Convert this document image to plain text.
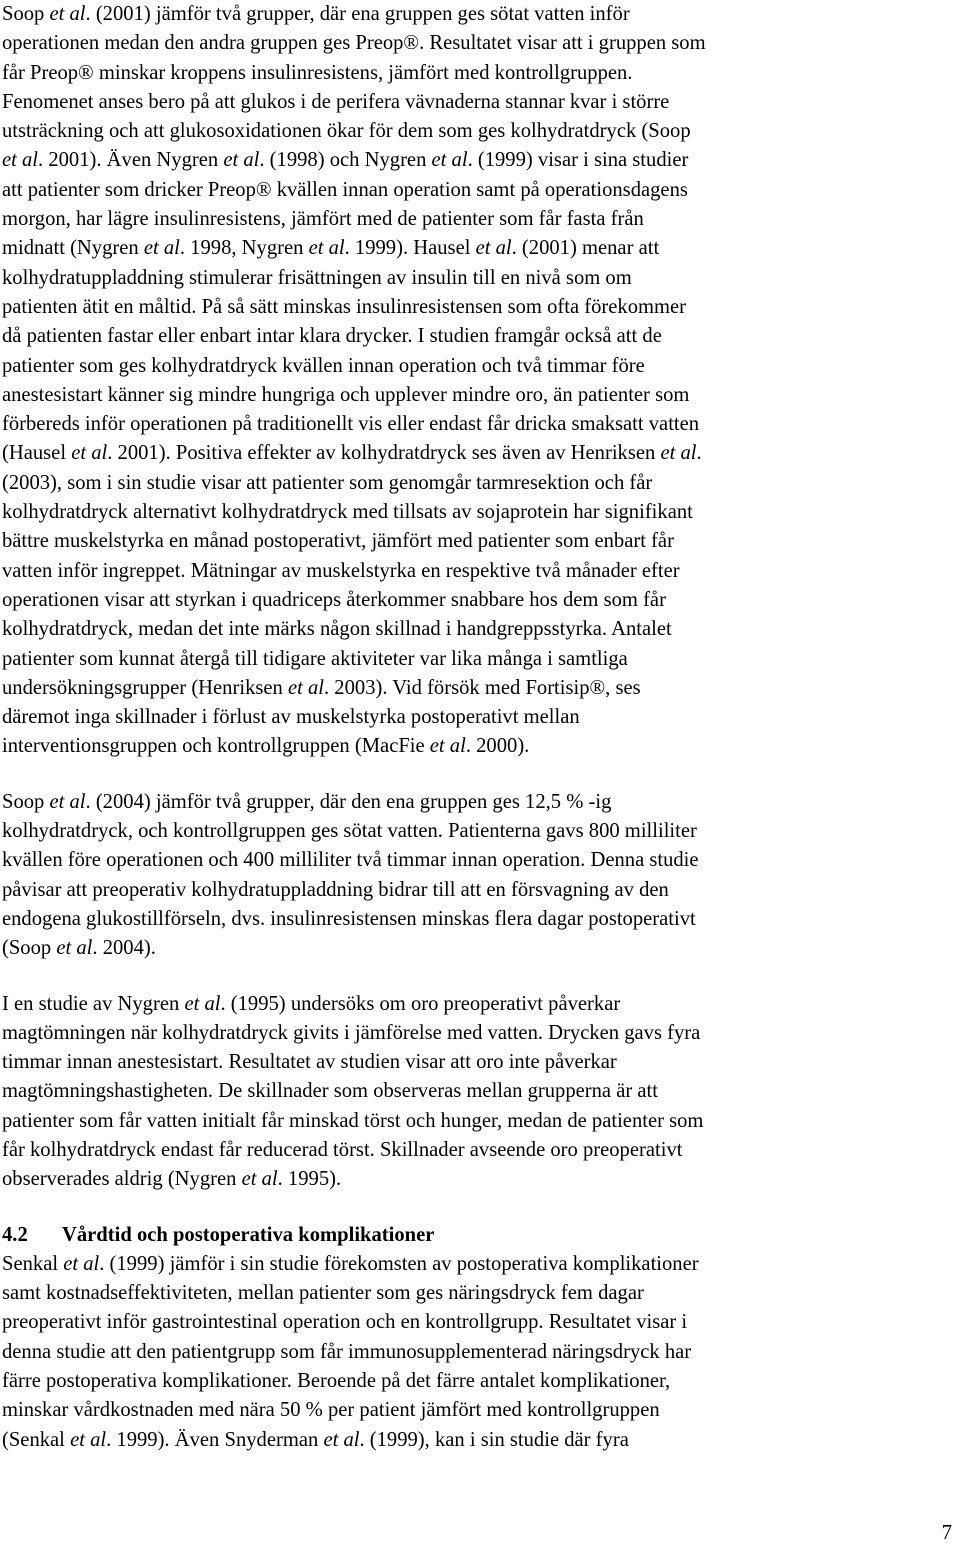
Soop et al. (2001) jämför två grupper, där ena gruppen ges sötat vatten inför
operationen medan den andra gruppen ges Preop®. Resultatet visar att i gruppen som
får Preop® minskar kroppens insulinresistens, jämfört med kontrollgruppen.
Fenomenet anses bero på att glukos i de perifera vävnaderna stannar kvar i större
utsträckning och att glukosoxidationen ökar för dem som ges kolhydratdryck (Soop
et al. 2001). Även Nygren et al. (1998) och Nygren et al. (1999) visar i sina studier
att patienter som dricker Preop® kvällen innan operation samt på operationsdagens
morgon, har lägre insulinresistens, jämfört med de patienter som får fasta från
midnatt (Nygren et al. 1998, Nygren et al. 1999). Hausel et al. (2001) menar att
kolhydratuppladdning stimulerar frisättningen av insulin till en nivå som om
patienten ätit en måltid. På så sätt minskas insulinresistensen som ofta förekommer
då patienten fastar eller enbart intar klara drycker. I studien framgår också att de
patienter som ges kolhydratdryck kvällen innan operation och två timmar före
anestesistart känner sig mindre hungriga och upplever mindre oro, än patienter som
förbereds inför operationen på traditionellt vis eller endast får dricka smaksatt vatten
(Hausel et al. 2001). Positiva effekter av kolhydratdryck ses även av Henriksen et al.
(2003), som i sin studie visar att patienter som genomgår tarmresektion och får
kolhydratdryck alternativt kolhydratdryck med tillsats av sojaprotein har signifikant
bättre muskelstyrka en månad postoperativt, jämfört med patienter som enbart får
vatten inför ingreppet. Mätningar av muskelstyrka en respektive två månader efter
operationen visar att styrkan i quadriceps återkommer snabbare hos dem som får
kolhydratdryck, medan det inte märks någon skillnad i handgreppsstyrka. Antalet
patienter som kunnat återgå till tidigare aktiviteter var lika många i samtliga
undersökningsgrupper (Henriksen et al. 2003). Vid försök med Fortisip®, ses
däremot inga skillnader i förlust av muskelstyrka postoperativt mellan
interventionsgruppen och kontrollgruppen (MacFie et al. 2000).
Soop et al. (2004) jämför två grupper, där den ena gruppen ges 12,5 % -ig
kolhydratdryck, och kontrollgruppen ges sötat vatten. Patienterna gavs 800 milliliter
kvällen före operationen och 400 milliliter två timmar innan operation. Denna studie
påvisar att preoperativ kolhydratuppladdning bidrar till att en försvagning av den
endogena glukostillförseln, dvs. insulinresistensen minskas flera dagar postoperativt
(Soop et al. 2004).
I en studie av Nygren et al. (1995) undersöks om oro preoperativt påverkar
magtömningen när kolhydratdryck givits i jämförelse med vatten. Drycken gavs fyra
timmar innan anestesistart. Resultatet av studien visar att oro inte påverkar
magtömningshastigheten. De skillnader som observeras mellan grupperna är att
patienter som får vatten initialt får minskad törst och hunger, medan de patienter som
får kolhydratdryck endast får reducerad törst. Skillnader avseende oro preoperativt
observerades aldrig (Nygren et al. 1995).
4.2 Vårdtid och postoperativa komplikationer
Senkal et al. (1999) jämför i sin studie förekomsten av postoperativa komplikationer
samt kostnadseffektiviteten, mellan patienter som ges näringsdryck fem dagar
preoperativt inför gastrointestinal operation och en kontrollgrupp. Resultatet visar i
denna studie att den patientgrupp som får immunosupplementerad näringsdryck har
färre postoperativa komplikationer. Beroende på det färre antalet komplikationer,
minskar vårdkostnaden med nära 50 % per patient jämfört med kontrollgruppen
(Senkal et al. 1999). Även Snyderman et al. (1999), kan i sin studie där fyra
7
